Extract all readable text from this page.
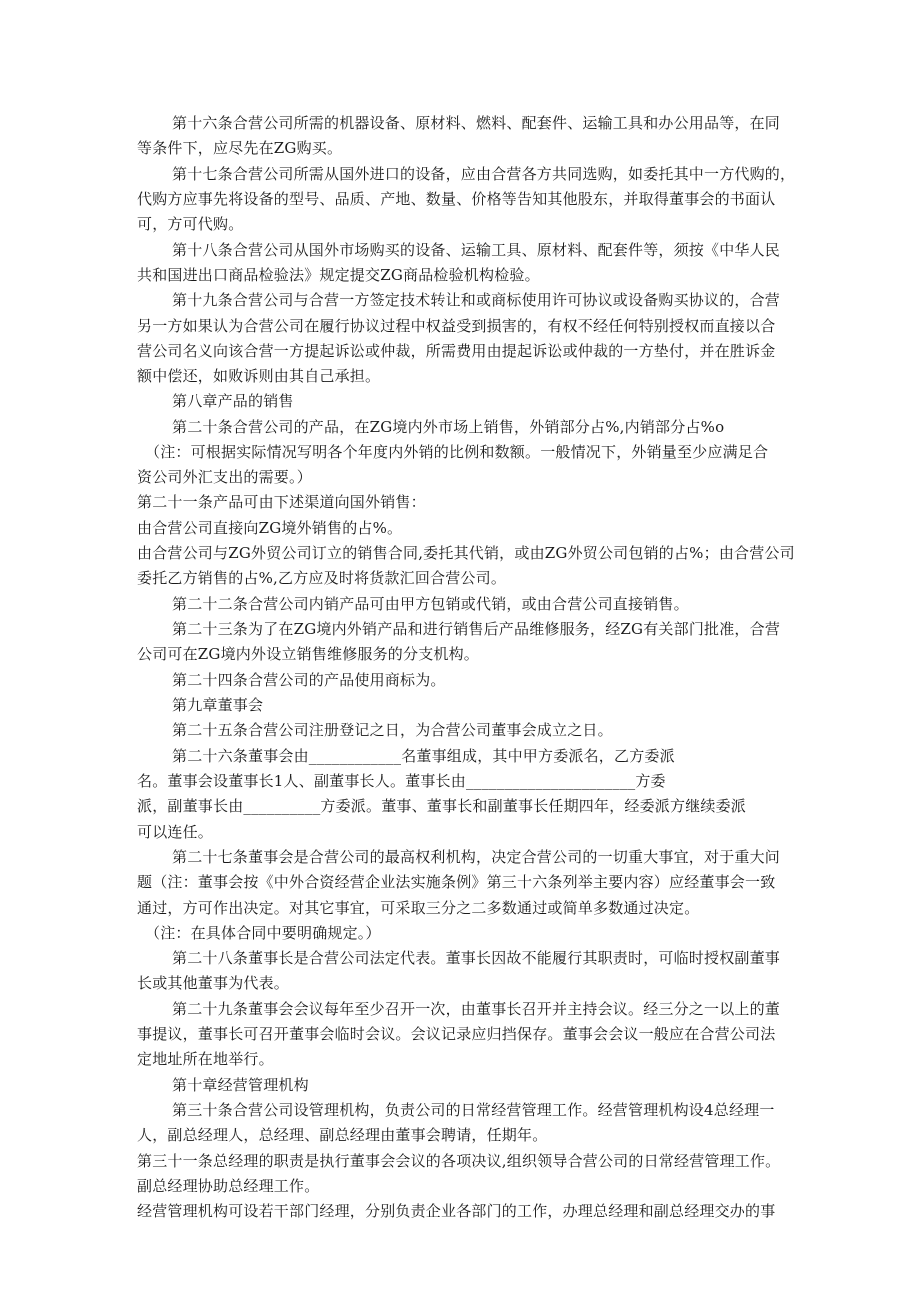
第十六条合营公司所需的机器设备、原材料、燃料、配套件、运输工具和办公用品等，在同

等条件下，应尽先在ZG购买。

第十七条合营公司所需从国外进口的设备，应由合营各方共同选购，如委托其中一方代购的，

代购方应事先将设备的型号、品质、产地、数量、价格等告知其他股东，并取得董事会的书面认

可，方可代购。

第十八条合营公司从国外市场购买的设备、运输工具、原材料、配套件等，须按《中华人民

共和国进出口商品检验法》规定提交ZG商品检验机构检验。

第十九条合营公司与合营一方签定技术转让和或商标使用许可协议或设备购买协议的，合营

另一方如果认为合营公司在履行协议过程中权益受到损害的，有权不经任何特别授权而直接以合

营公司名义向该合营一方提起诉讼或仲裁，所需费用由提起诉讼或仲裁的一方垫付，并在胜诉金

额中偿还，如败诉则由其自己承担。

第八章产品的销售

第二十条合营公司的产品，在ZG境内外市场上销售，外销部分占%,内销部分占%o

（注：可根据实际情况写明各个年度内外销的比例和数额。一般情况下，外销量至少应满足合

资公司外汇支出的需要。）

第二十一条产品可由下述渠道向国外销售：

由合营公司直接向ZG境外销售的占%。

由合营公司与ZG外贸公司订立的销售合同,委托其代销，或由ZG外贸公司包销的占%；由合营公司

委托乙方销售的占%,乙方应及时将货款汇回合营公司。

第二十二条合营公司内销产品可由甲方包销或代销，或由合营公司直接销售。

第二十三条为了在ZG境内外销产品和进行销售后产品维修服务，经ZG有关部门批准，合营

公司可在ZG境内外设立销售维修服务的分支机构。

第二十四条合营公司的产品使用商标为。

第九章董事会

第二十五条合营公司注册登记之日，为合营公司董事会成立之日。

第二十六条董事会由____________名董事组成，其中甲方委派名，乙方委派

名。董事会设董事长1人、副董事长人。董事长由______________________方委

派，副董事长由__________方委派。董事、董事长和副董事长任期四年，经委派方继续委派

可以连任。

第二十七条董事会是合营公司的最高权利机构，决定合营公司的一切重大事宜，对于重大问

题（注：董事会按《中外合资经营企业法实施条例》第三十六条列举主要内容）应经董事会一致

通过，方可作出决定。对其它事宜，可采取三分之二多数通过或简单多数通过决定。

（注：在具体合同中要明确规定。）

第二十八条董事长是合营公司法定代表。董事长因故不能履行其职责时，可临时授权副董事

长或其他董事为代表。

第二十九条董事会会议每年至少召开一次，由董事长召开并主持会议。经三分之一以上的董

事提议，董事长可召开董事会临时会议。会议记录应归挡保存。董事会会议一般应在合营公司法

定地址所在地举行。

第十章经营管理机构

第三十条合营公司设管理机构，负责公司的日常经营管理工作。经营管理机构设4总经理一

人，副总经理人，总经理、副总经理由董事会聘请，任期年。

第三十一条总经理的职责是执行董事会会议的各项决议,组织领导合营公司的日常经营管理工作。

副总经理协助总经理工作。

经营管理机构可设若干部门经理，分别负责企业各部门的工作，办理总经理和副总经理交办的事
